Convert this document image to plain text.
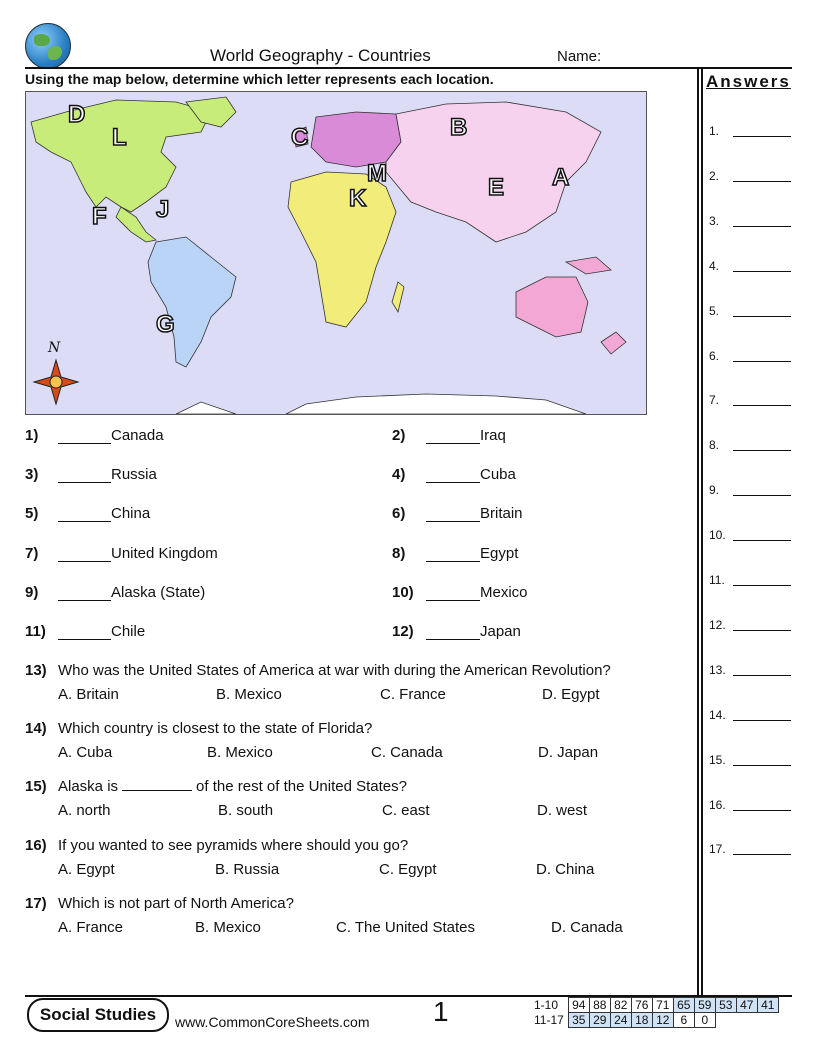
World Geography - Countries	Name:
Using the map below, determine which letter represents each location.	Answers
1.
2.
3.
4.
5.
6.
7.
8.
9.
10.
11.
12.
13.
14.
15.
16.
17.
D
L	C	B
M	A
E
K
F J
G
N
1)	Canada	2)	Iraq
3)	Russia	4)	Cuba
5)	China	6)	Britain
7)	United Kingdom	8)	Egypt
9)	Alaska (State)	10)	Mexico
11)	Chile	12)	Japan
13) Who was the United States of America at war with during the American Revolution?
A. Britain	B. Mexico	C. France	D. Egypt
14) Which country is closest to the state of Florida?
A. Cuba	B. Mexico	C. Canada	D. Japan
15) Alaska is	of the rest of the United States?
A. north	B. south	C. east	D. west
16) If you wanted to see pyramids where should you go?
A. Egypt	B. Russia	C. Egypt	D. China
17) Which is not part of North America?
A. France	B. Mexico	C. The United States	D. Canada
Social Studies	www.CommonCoreSheets.com 1	1-10	94	88	82	76	71	65	59	53	47	41
11-17	35	29	24	18	12	6	0			
